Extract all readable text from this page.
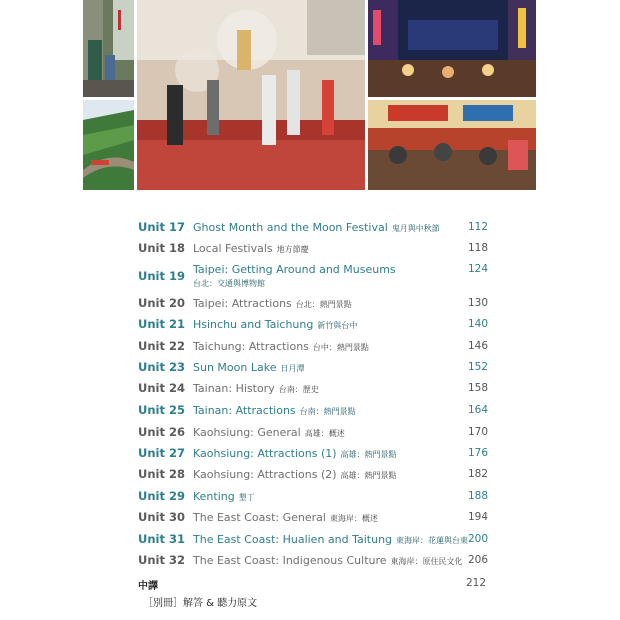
Unit 17 Ghost Month and the Moon Festival 鬼月與中秋節	112
Unit 18 Local Festivals 地方節慶	118
Unit 19 Taipei: Getting Around and Museums
台北：交通與博物館
124
Unit 20 Taipei: Attractions 台北：熱門景點	130
Unit 21 Hsinchu and Taichung 新竹與台中	140
Unit 22 Taichung: Attractions 台中：熱門景點	146
Unit 23 Sun Moon Lake 日月潭	152
Unit 24 Tainan: History 台南：歷史	158
Unit 25 Tainan: Attractions 台南：熱門景點	164
Unit 26 Kaohsiung: General 高雄：概述	170
Unit 27 Kaohsiung: Attractions (1) 高雄：熱門景點	176
Unit 28 Kaohsiung: Attractions (2) 高雄：熱門景點	182
Unit 29 Kenting 墾丁	188
Unit 30 The East Coast: General 東海岸：概述	194
Unit 31 The East Coast: Hualien and Taitung 東海岸：花蓮與台東 200
Unit 32 The East Coast: Indigenous Culture 東海岸：原住民文化 206
中譯	212
［別冊］解答 & 聽力原文
